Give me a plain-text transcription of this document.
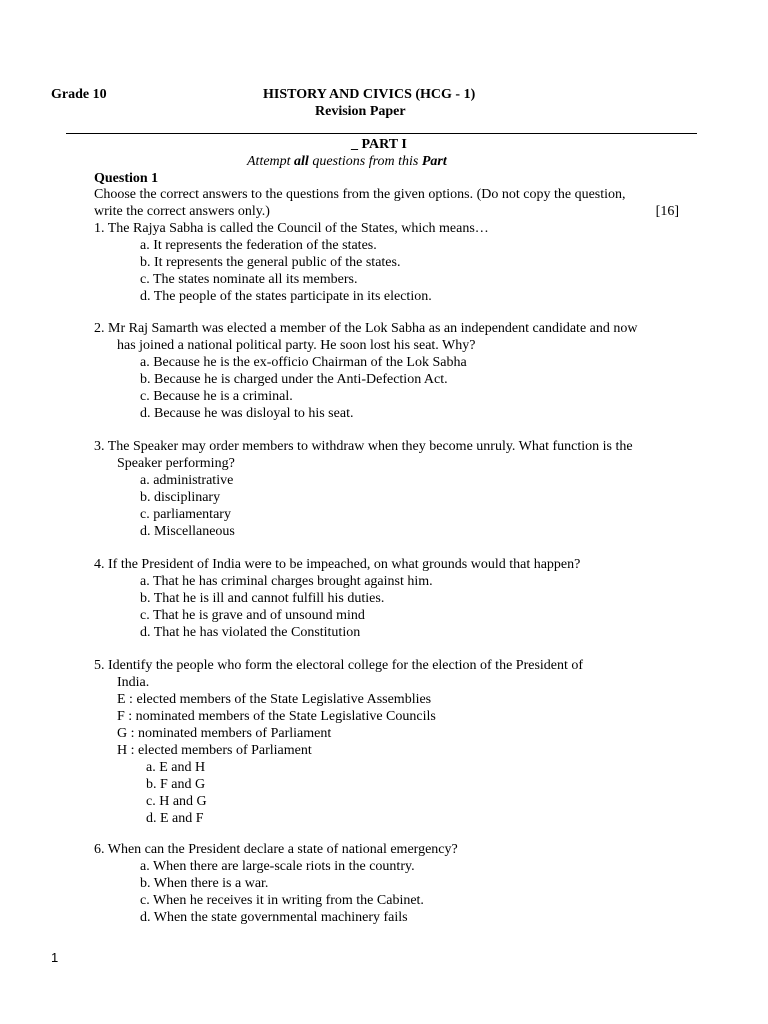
Grade 10	HISTORY AND CIVICS (HCG - 1)
Revision Paper
_ PART I
Attempt all questions from this Part
Question 1
Choose the correct answers to the questions from the given options. (Do not copy the question,
write the correct answers only.)	[16]
1. The Rajya Sabha is called the Council of the States, which means…
a. It represents the federation of the states.
b. It represents the general public of the states.
c. The states nominate all its members.
d. The people of the states participate in its election.
2. Mr Raj Samarth was elected a member of the Lok Sabha as an independent candidate and now
has joined a national political party. He soon lost his seat. Why?
a. Because he is the ex-officio Chairman of the Lok Sabha
b. Because he is charged under the Anti-Defection Act.
c. Because he is a criminal.
d. Because he was disloyal to his seat.
3. The Speaker may order members to withdraw when they become unruly. What function is the
Speaker performing?
a. administrative
b. disciplinary
c. parliamentary
d. Miscellaneous
4. If the President of India were to be impeached, on what grounds would that happen?
a. That he has criminal charges brought against him.
b. That he is ill and cannot fulfill his duties.
c. That he is grave and of unsound mind
d. That he has violated the Constitution
5. Identify the people who form the electoral college for the election of the President of
India.
E : elected members of the State Legislative Assemblies
F : nominated members of the State Legislative Councils
G : nominated members of Parliament
H : elected members of Parliament
a. E and H
b. F and G
c. H and G
d. E and F
6. When can the President declare a state of national emergency?
a. When there are large-scale riots in the country.
b. When there is a war.
c. When he receives it in writing from the Cabinet.
d. When the state governmental machinery fails
1
